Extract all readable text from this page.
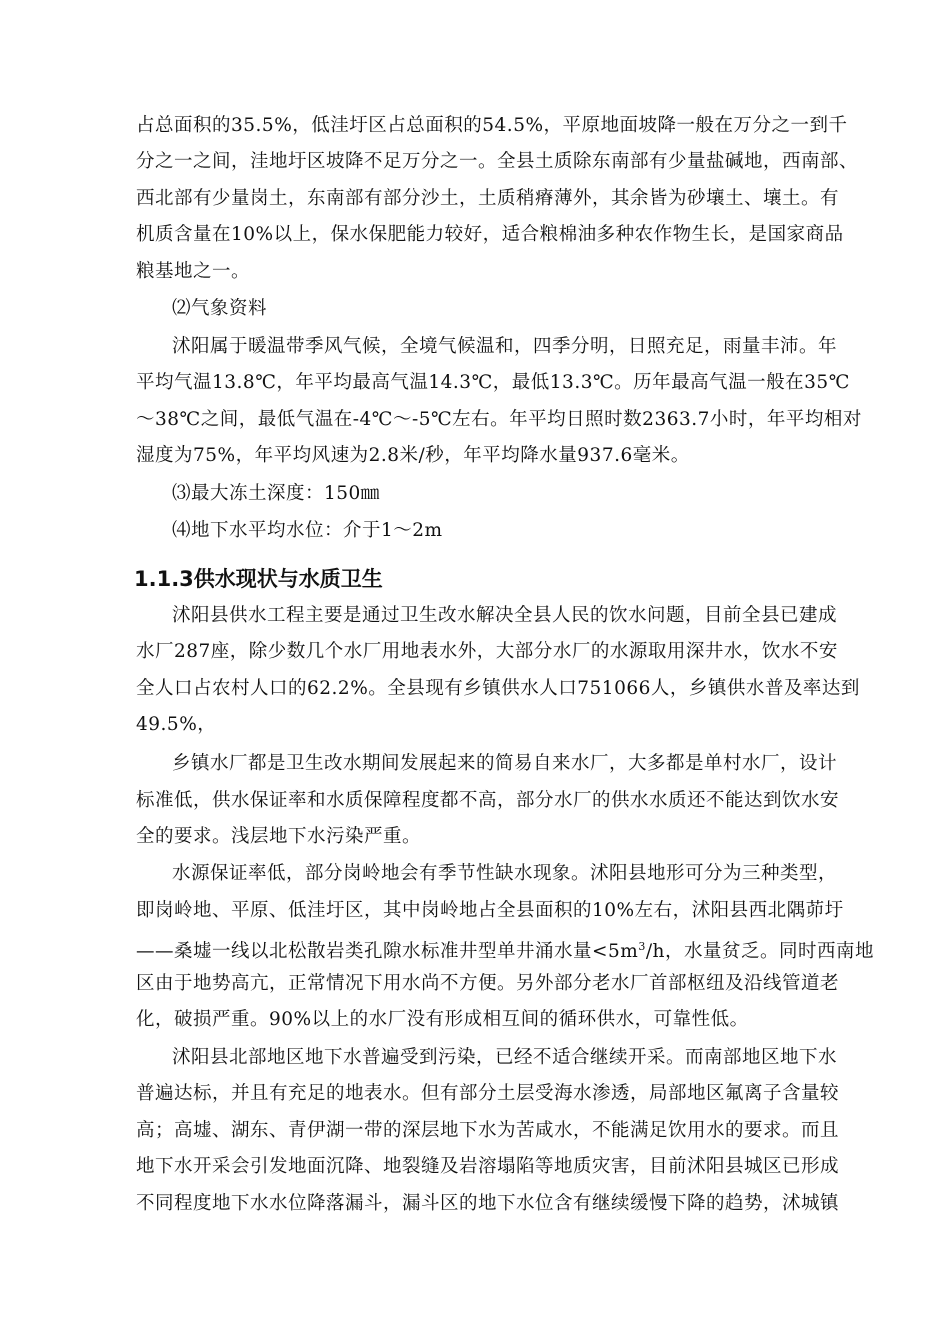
占总面积的35.5%，低洼圩区占总面积的54.5%，平原地面坡降一般在万分之一到千
分之一之间，洼地圩区坡降不足万分之一。全县土质除东南部有少量盐碱地，西南部、
西北部有少量岗土，东南部有部分沙土，土质稍瘠薄外，其余皆为砂壤土、壤土。有
机质含量在10%以上，保水保肥能力较好，适合粮棉油多种农作物生长，是国家商品
粮基地之一。
⑵气象资料
沭阳属于暖温带季风气候，全境气候温和，四季分明，日照充足，雨量丰沛。年
平均气温13.8℃，年平均最高气温14.3℃，最低13.3℃。历年最高气温一般在35℃
～38℃之间，最低气温在-4℃～-5℃左右。年平均日照时数2363.7小时，年平均相对
湿度为75%，年平均风速为2.8米/秒，年平均降水量937.6毫米。
⑶最大冻土深度：150㎜
⑷地下水平均水位：介于1～2m
1.1.3供水现状与水质卫生
沭阳县供水工程主要是通过卫生改水解决全县人民的饮水问题，目前全县已建成
水厂287座，除少数几个水厂用地表水外，大部分水厂的水源取用深井水，饮水不安
全人口占农村人口的62.2%。全县现有乡镇供水人口751066人，乡镇供水普及率达到
49.5%，
乡镇水厂都是卫生改水期间发展起来的简易自来水厂，大多都是单村水厂，设计
标准低，供水保证率和水质保障程度都不高，部分水厂的供水水质还不能达到饮水安
全的要求。浅层地下水污染严重。
水源保证率低，部分岗岭地会有季节性缺水现象。沭阳县地形可分为三种类型，
即岗岭地、平原、低洼圩区，其中岗岭地占全县面积的10%左右，沭阳县西北隅茆圩
——桑墟一线以北松散岩类孔隙水标准井型单井涌水量$<5m^3/h$，水量贫乏。同时西南地
区由于地势高亢，正常情况下用水尚不方便。另外部分老水厂首部枢纽及沿线管道老
化，破损严重。90%以上的水厂没有形成相互间的循环供水，可靠性低。
沭阳县北部地区地下水普遍受到污染，已经不适合继续开采。而南部地区地下水
普遍达标，并且有充足的地表水。但有部分土层受海水渗透，局部地区氟离子含量较
高；高墟、湖东、青伊湖一带的深层地下水为苦咸水，不能满足饮用水的要求。而且
地下水开采会引发地面沉降、地裂缝及岩溶塌陷等地质灾害，目前沭阳县城区已形成
不同程度地下水水位降落漏斗，漏斗区的地下水位含有继续缓慢下降的趋势，沭城镇
